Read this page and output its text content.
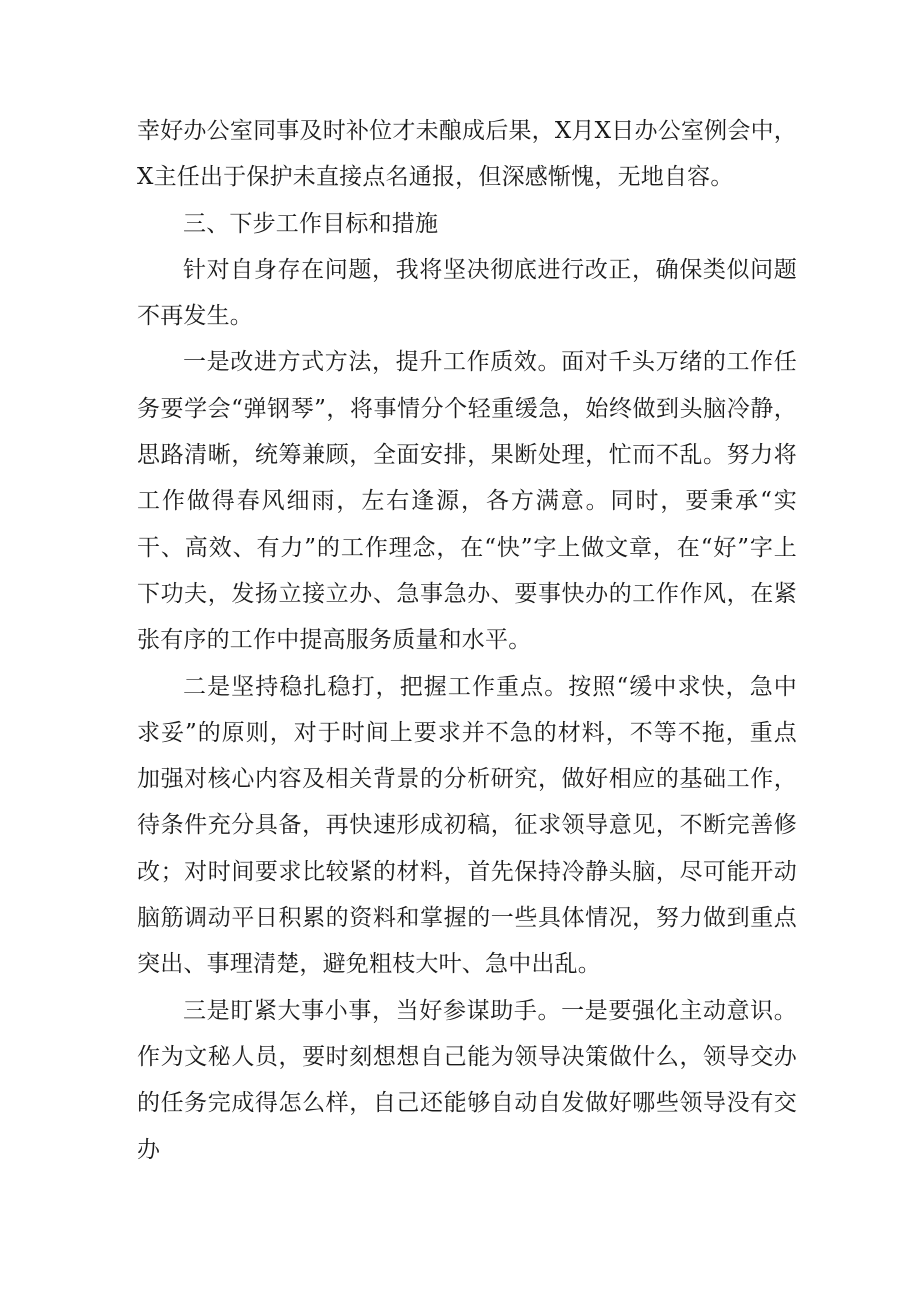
幸好办公室同事及时补位才未酿成后果，X月X日办公室例会中，X主任出于保护未直接点名通报，但深感惭愧，无地自容。

三、下步工作目标和措施

针对自身存在问题，我将坚决彻底进行改正，确保类似问题不再发生。

一是改进方式方法，提升工作质效。面对千头万绪的工作任务要学会“弹钢琴”，将事情分个轻重缓急，始终做到头脑冷静，思路清晰，统筹兼顾，全面安排，果断处理，忙而不乱。努力将工作做得春风细雨，左右逢源，各方满意。同时，要秉承“实干、高效、有力”的工作理念，在“快”字上做文章，在“好”字上下功夫，发扬立接立办、急事急办、要事快办的工作作风，在紧张有序的工作中提高服务质量和水平。

二是坚持稳扎稳打，把握工作重点。按照“缓中求快，急中求妥”的原则，对于时间上要求并不急的材料，不等不拖，重点加强对核心内容及相关背景的分析研究，做好相应的基础工作，待条件充分具备，再快速形成初稿，征求领导意见，不断完善修改；对时间要求比较紧的材料，首先保持冷静头脑，尽可能开动脑筋调动平日积累的资料和掌握的一些具体情况，努力做到重点突出、事理清楚，避免粗枝大叶、急中出乱。

三是盯紧大事小事，当好参谋助手。一是要强化主动意识。作为文秘人员，要时刻想想自己能为领导决策做什么，领导交办的任务完成得怎么样，自己还能够自动自发做好哪些领导没有交办
